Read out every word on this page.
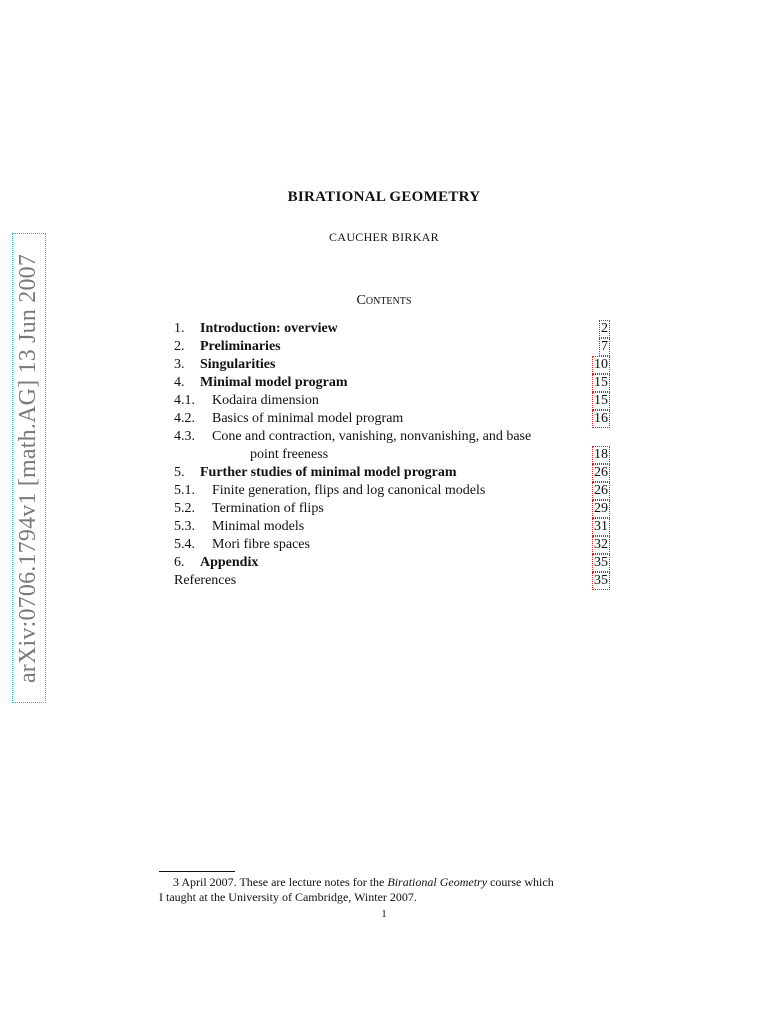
arXiv:0706.1794v1 [math.AG] 13 Jun 2007
BIRATIONAL GEOMETRY
CAUCHER BIRKAR
Contents
1. Introduction: overview	2
2. Preliminaries	7
3. Singularities	10
4. Minimal model program	15
4.1. Kodaira dimension	15
4.2. Basics of minimal model program	16
4.3. Cone and contraction, vanishing, nonvanishing, and base
point freeness	18
5. Further studies of minimal model program	26
5.1. Finite generation, flips and log canonical models	26
5.2. Termination of flips	29
5.3. Minimal models	31
5.4. Mori fibre spaces	32
6. Appendix	35
References	35
3 April 2007. These are lecture notes for the Birational Geometry course which
I taught at the University of Cambridge, Winter 2007.
1
